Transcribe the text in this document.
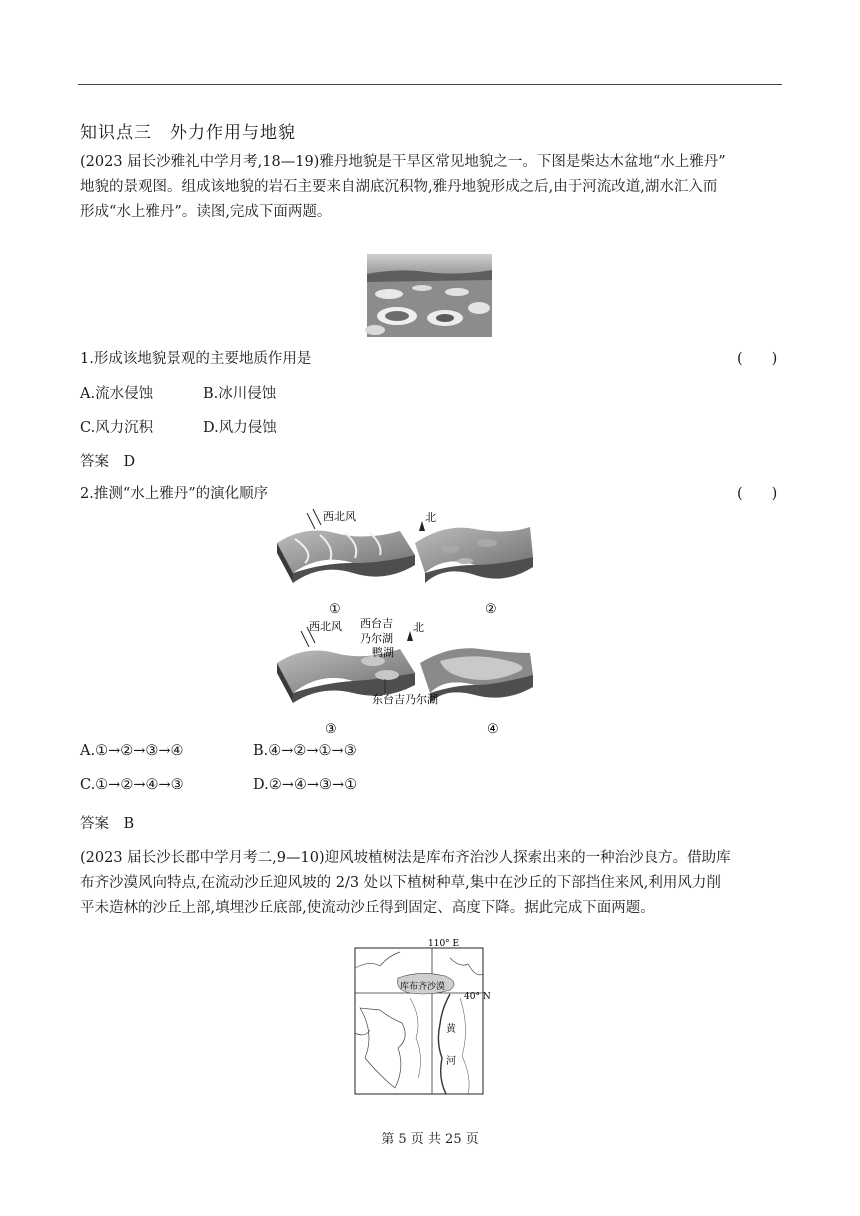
知识点三　外力作用与地貌
(2023 届长沙雅礼中学月考,18—19)雅丹地貌是干旱区常见地貌之一。下图是柴达木盆地“水上雅丹”
地貌的景观图。组成该地貌的岩石主要来自湖底沉积物,雅丹地貌形成之后,由于河流改道,湖水汇入而
形成“水上雅丹”。读图,完成下面两题。
1.形成该地貌景观的主要地质作用是	(　　)
A.流水侵蚀	B.冰川侵蚀
C.风力沉积	D.风力侵蚀
答案　D
2.推测“水上雅丹”的演化顺序	(　　)
西北风	北
西北风 西台吉
乃尔湖
鸭湖
北
东台吉乃尔湖
①	②
③	④
A.①→②→③→④	B.④→②→①→③
C.①→②→④→③	D.②→④→③→①
答案　B
(2023 届长沙长郡中学月考二,9—10)迎风坡植树法是库布齐治沙人探索出来的一种治沙良方。借助库
布齐沙漠风向特点,在流动沙丘迎风坡的 2/3 处以下植树种草,集中在沙丘的下部挡住来风,利用风力削
平未造林的沙丘上部,填埋沙丘底部,使流动沙丘得到固定、高度下降。据此完成下面两题。
110° E
40° N
库布齐沙漠
黄
河
第 5 页 共 25 页
